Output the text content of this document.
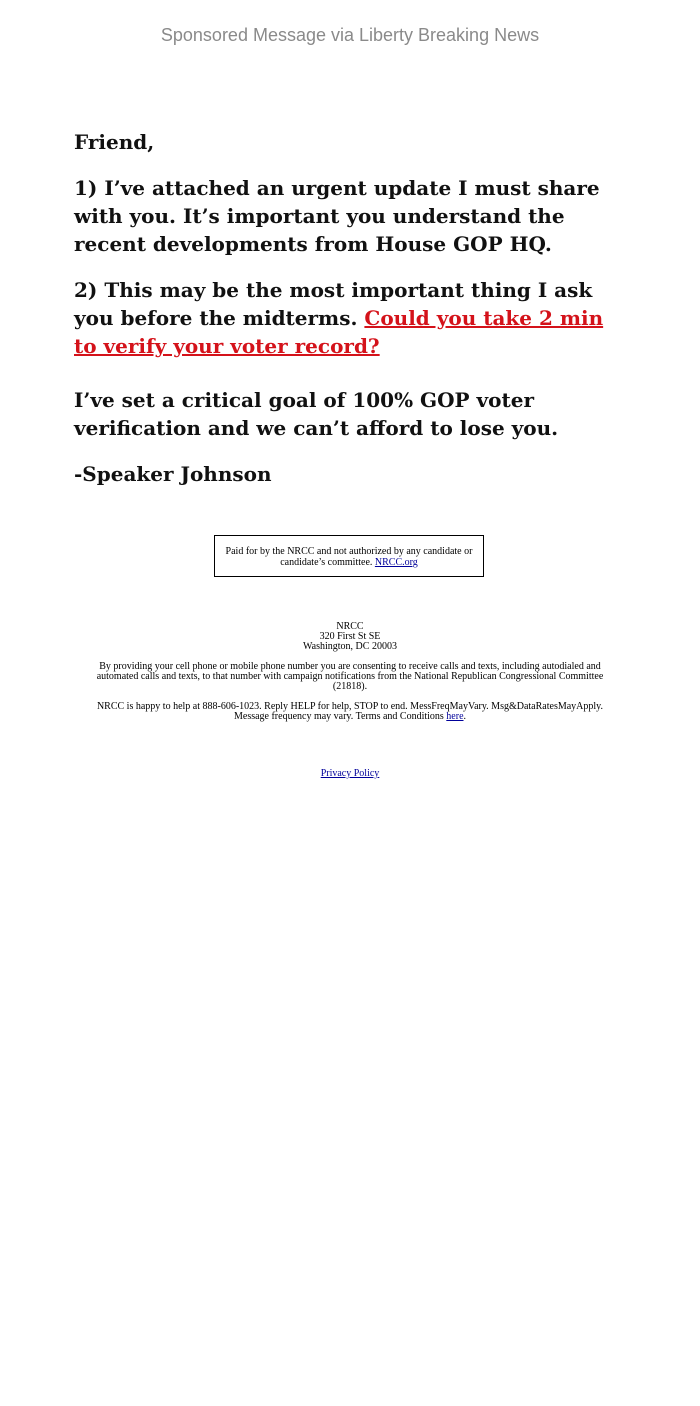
Sponsored Message via Liberty Breaking News

Friend,

1) I’ve attached an urgent update I must share with you. It’s important you understand the recent developments from House GOP HQ.

2) This may be the most important thing I ask you before the midterms. Could you take 2 min to verify your voter record?

I’ve set a critical goal of 100% GOP voter verification and we can’t afford to lose you.

-Speaker Johnson

Paid for by the NRCC and not authorized by any candidate or candidate’s committee. NRCC.org

NRCC
320 First St SE
Washington, DC 20003

By providing your cell phone or mobile phone number you are consenting to receive calls and texts, including autodialed and automated calls and texts, to that number with campaign notifications from the National Republican Congressional Committee (21818).

NRCC is happy to help at 888-606-1023. Reply HELP for help, STOP to end. MessFreqMayVary. Msg&DataRatesMayApply. Message frequency may vary. Terms and Conditions here.

Privacy Policy
